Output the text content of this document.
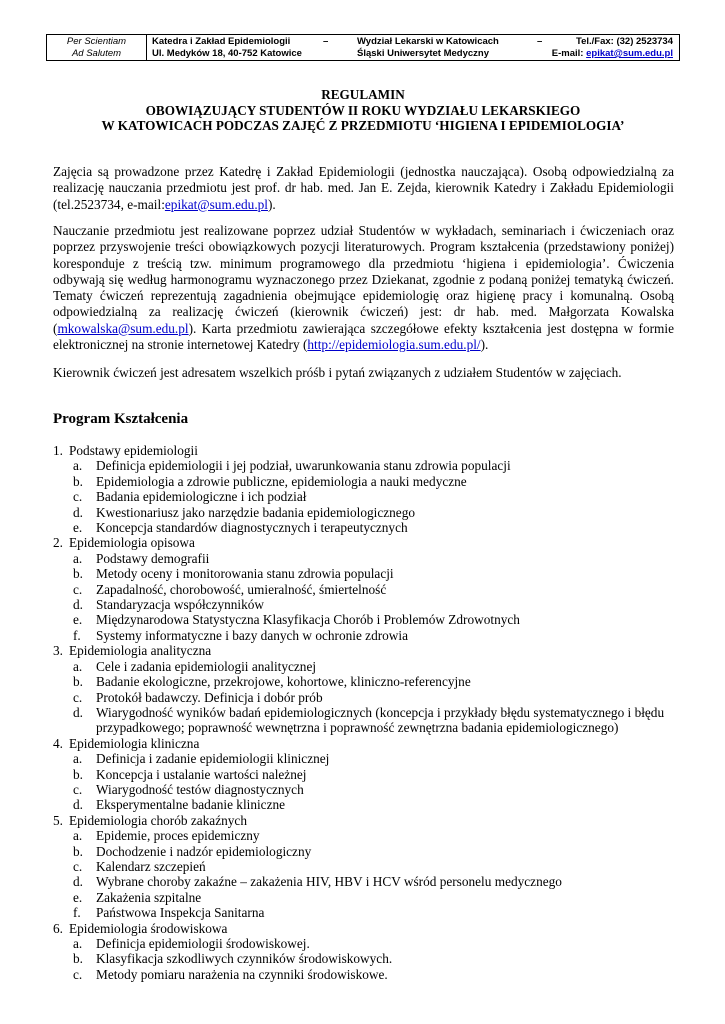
Per Scientiam
Ad Salutem
Katedra i Zakład Epidemiologii	–	Wydział Lekarski w Katowicach	–	Tel./Fax: (32) 2523734
Ul. Medyków 18, 40-752 Katowice	Śląski Uniwersytet Medyczny	E-mail: epikat@sum.edu.pl
REGULAMIN
OBOWIĄZUJĄCY STUDENTÓW II ROKU WYDZIAŁU LEKARSKIEGO
W KATOWICACH PODCZAS ZAJĘĆ Z PRZEDMIOTU ‘HIGIENA I EPIDEMIOLOGIA’
Zajęcia są prowadzone przez Katedrę i Zakład Epidemiologii (jednostka nauczająca). Osobą odpowiedzialną za realizację nauczania przedmiotu jest prof. dr hab. med. Jan E. Zejda, kierownik Katedry i Zakładu Epidemiologii (tel.2523734, e-mail:epikat@sum.edu.pl).
Nauczanie przedmiotu jest realizowane poprzez udział Studentów w wykładach, seminariach i ćwiczeniach oraz poprzez przyswojenie treści obowiązkowych pozycji literaturowych. Program kształcenia (przedstawiony poniżej) koresponduje z treścią tzw. minimum programowego dla przedmiotu ‘higiena i epidemiologia’. Ćwiczenia odbywają się według harmonogramu wyznaczonego przez Dziekanat, zgodnie z podaną poniżej tematyką ćwiczeń. Tematy ćwiczeń reprezentują zagadnienia obejmujące epidemiologię oraz higienę pracy i komunalną. Osobą odpowiedzialną za realizację ćwiczeń (kierownik ćwiczeń) jest: dr hab. med. Małgorzata Kowalska (mkowalska@sum.edu.pl). Karta przedmiotu zawierająca szczegółowe efekty kształcenia jest dostępna w formie elektronicznej na stronie internetowej Katedry (http://epidemiologia.sum.edu.pl/).
Kierownik ćwiczeń jest adresatem wszelkich próśb i pytań związanych z udziałem Studentów w zajęciach.
Program Kształcenia
1. Podstawy epidemiologii
a.	Definicja epidemiologii i jej podział, uwarunkowania stanu zdrowia populacji
b. Epidemiologia a zdrowie publiczne, epidemiologia a nauki medyczne
c.	Badania epidemiologiczne i ich podział
d. Kwestionariusz jako narzędzie badania epidemiologicznego
e.	Koncepcja standardów diagnostycznych i terapeutycznych
2. Epidemiologia opisowa
a.	Podstawy demografii
b. Metody oceny i monitorowania stanu zdrowia populacji
c.	Zapadalność, chorobowość, umieralność, śmiertelność
d. Standaryzacja współczynników
e.	Międzynarodowa Statystyczna Klasyfikacja Chorób i Problemów Zdrowotnych
f.	Systemy informatyczne i bazy danych w ochronie zdrowia
3. Epidemiologia analityczna
a.	Cele i zadania epidemiologii analitycznej
b. Badanie ekologiczne, przekrojowe, kohortowe, kliniczno-referencyjne
c.	Protokół badawczy. Definicja i dobór prób
d. Wiarygodność wyników badań epidemiologicznych (koncepcja i przykłady błędu systematycznego i błędu przypadkowego; poprawność wewnętrzna i poprawność zewnętrzna badania epidemiologicznego)
4. Epidemiologia kliniczna
a.	Definicja i zadanie epidemiologii klinicznej
b. Koncepcja i ustalanie wartości należnej
c.	Wiarygodność testów diagnostycznych
d. Eksperymentalne badanie kliniczne
5. Epidemiologia chorób zakaźnych
a.	Epidemie, proces epidemiczny
b. Dochodzenie i nadzór epidemiologiczny
c.	Kalendarz szczepień
d. Wybrane choroby zakaźne – zakażenia HIV, HBV i HCV wśród personelu medycznego
e.	Zakażenia szpitalne
f.	Państwowa Inspekcja Sanitarna
6. Epidemiologia środowiskowa
a.	Definicja epidemiologii środowiskowej.
b. Klasyfikacja szkodliwych czynników środowiskowych.
c.	Metody pomiaru narażenia na czynniki środowiskowe.
